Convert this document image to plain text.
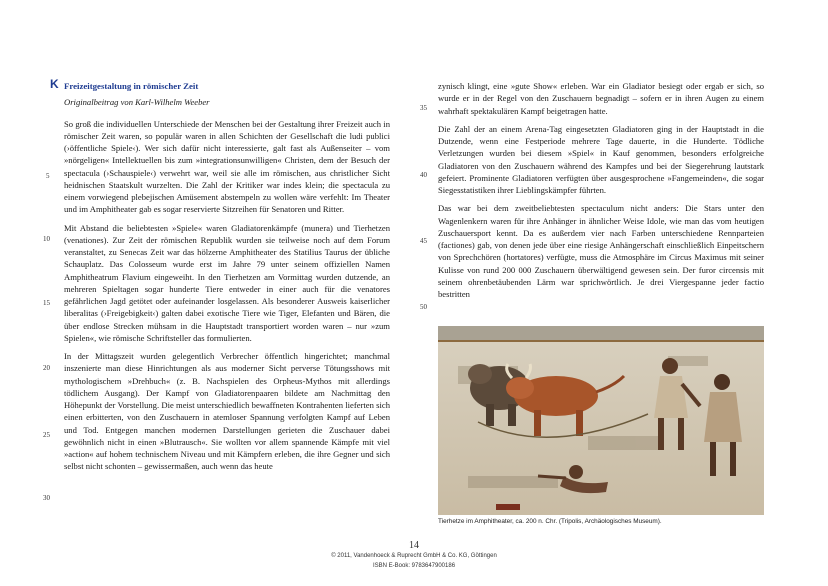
K Freizeitgestaltung in römischer Zeit

Originalbeitrag von Karl-Wilhelm Weeber

So groß die individuellen Unterschiede der Menschen bei der Gestaltung ihrer Freizeit auch in römischer Zeit waren, so populär waren in allen Schichten der Gesellschaft die ludi publici (›öffentliche Spiele‹). Wer sich dafür nicht interessierte, galt fast als Außenseiter – vom »nörgeligen« Intellektuellen bis zum »integrationsunwilligen« Christen, dem der Besuch der spectacula (›Schauspiele‹) verwehrt war, weil sie alle im römischen, aus christlicher Sicht heidnischen Staatskult wurzelten. Die Zahl der Kritiker war indes klein; die spectacula zu einem vorwiegend plebejischen Amüsement abstempeln zu wollen wäre verfehlt: Im Theater und im Amphitheater gab es sogar reservierte Sitzreihen für Senatoren und Ritter.

Mit Abstand die beliebtesten »Spiele« waren Gladiatorenkämpfe (munera) und Tierhetzen (venationes). Zur Zeit der römischen Republik wurden sie teilweise noch auf dem Forum veranstaltet, zu Senecas Zeit war das hölzerne Amphitheater des Statilius Taurus der übliche Schauplatz. Das Colosseum wurde erst im Jahre 79 unter seinem offiziellen Namen Amphitheatrum Flavium eingeweiht. In den Tierhetzen am Vormittag wurden dutzende, an mehreren Spieltagen sogar hunderte Tiere entweder in einer auch für die venatores gefährlichen Jagd getötet oder aufeinander losgelassen. Als besonderer Ausweis kaiserlicher liberalitas (›Freigebigkeit‹) galten dabei exotische Tiere wie Tiger, Elefanten und Bären, die über endlose Strecken mühsam in die Hauptstadt transportiert worden waren – nur »zum Spielen«, wie römische Schriftsteller das formulierten.

In der Mittagszeit wurden gelegentlich Verbrecher öffentlich hingerichtet; manchmal inszenierte man diese Hinrichtungen als aus moderner Sicht perverse Tötungsshows mit mythologischem »Drehbuch« (z. B. Nachspielen des Orpheus-Mythos mit allerdings tödlichem Ausgang). Der Kampf von Gladiatorenpaaren bildete am Nachmittag den Höhepunkt der Vorstellung. Die meist unterschiedlich bewaffneten Kontrahenten lieferten sich einen erbitterten, von den Zuschauern in atemloser Spannung verfolgten Kampf auf Leben und Tod. Entgegen manchen modernen Darstellungen gerieten die Zuschauer dabei gewöhnlich nicht in einen »Blutrausch«. Sie wollten vor allem spannende Kämpfe mit viel »action« auf hohem technischem Niveau und mit Kämpfern erleben, die ihre Gegner und sich selbst nicht schonten – gewissermaßen, auch wenn das heute

5
10
15
20
25
30

zynisch klingt, eine »gute Show« erleben. War ein Gladiator besiegt oder ergab er sich, so wurde er in der Regel von den Zuschauern begnadigt – sofern er in ihren Augen zu einem wahrhaft spektakulären Kampf beigetragen hatte.

Die Zahl der an einem Arena-Tag eingesetzten Gladiatoren ging in der Hauptstadt in die Dutzende, wenn eine Festperiode mehrere Tage dauerte, in die Hunderte. Tödliche Verletzungen wurden bei diesem »Spiel« in Kauf genommen, besonders erfolgreiche Gladiatoren von den Zuschauern während des Kampfes und bei der Siegerehrung lautstark gefeiert. Prominente Gladiatoren verfügten über ausgesprochene »Fangemeinden«, die sogar Siegesstatistiken ihrer Lieblingskämpfer führten.

Das war bei dem zweitbeliebtesten spectaculum nicht anders: Die Stars unter den Wagenlenkern waren für ihre Anhänger in ähnlicher Weise Idole, wie man das vom heutigen Zuschauersport kennt. Da es außerdem vier nach Farben unterschiedene Rennparteien (factiones) gab, von denen jede über eine riesige Anhängerschaft einschließlich Einpeitschern von Sprechchören (hortatores) verfügte, muss die Atmosphäre im Circus Maximus mit seiner Kulisse von rund 200 000 Zuschauern überwältigend gewesen sein. Der furor circensis mit seinem ohrenbetäubenden Lärm war sprichwörtlich. Je drei Viergespanne jeder factio bestritten

35
40
45
50
Tierhetze im Amphitheater, ca. 200 n. Chr. (Tripolis, Archäologisches Museum).
14
© 2011, Vandenhoeck & Ruprecht GmbH & Co. KG, Göttingen
ISBN E-Book: 9783647900186
